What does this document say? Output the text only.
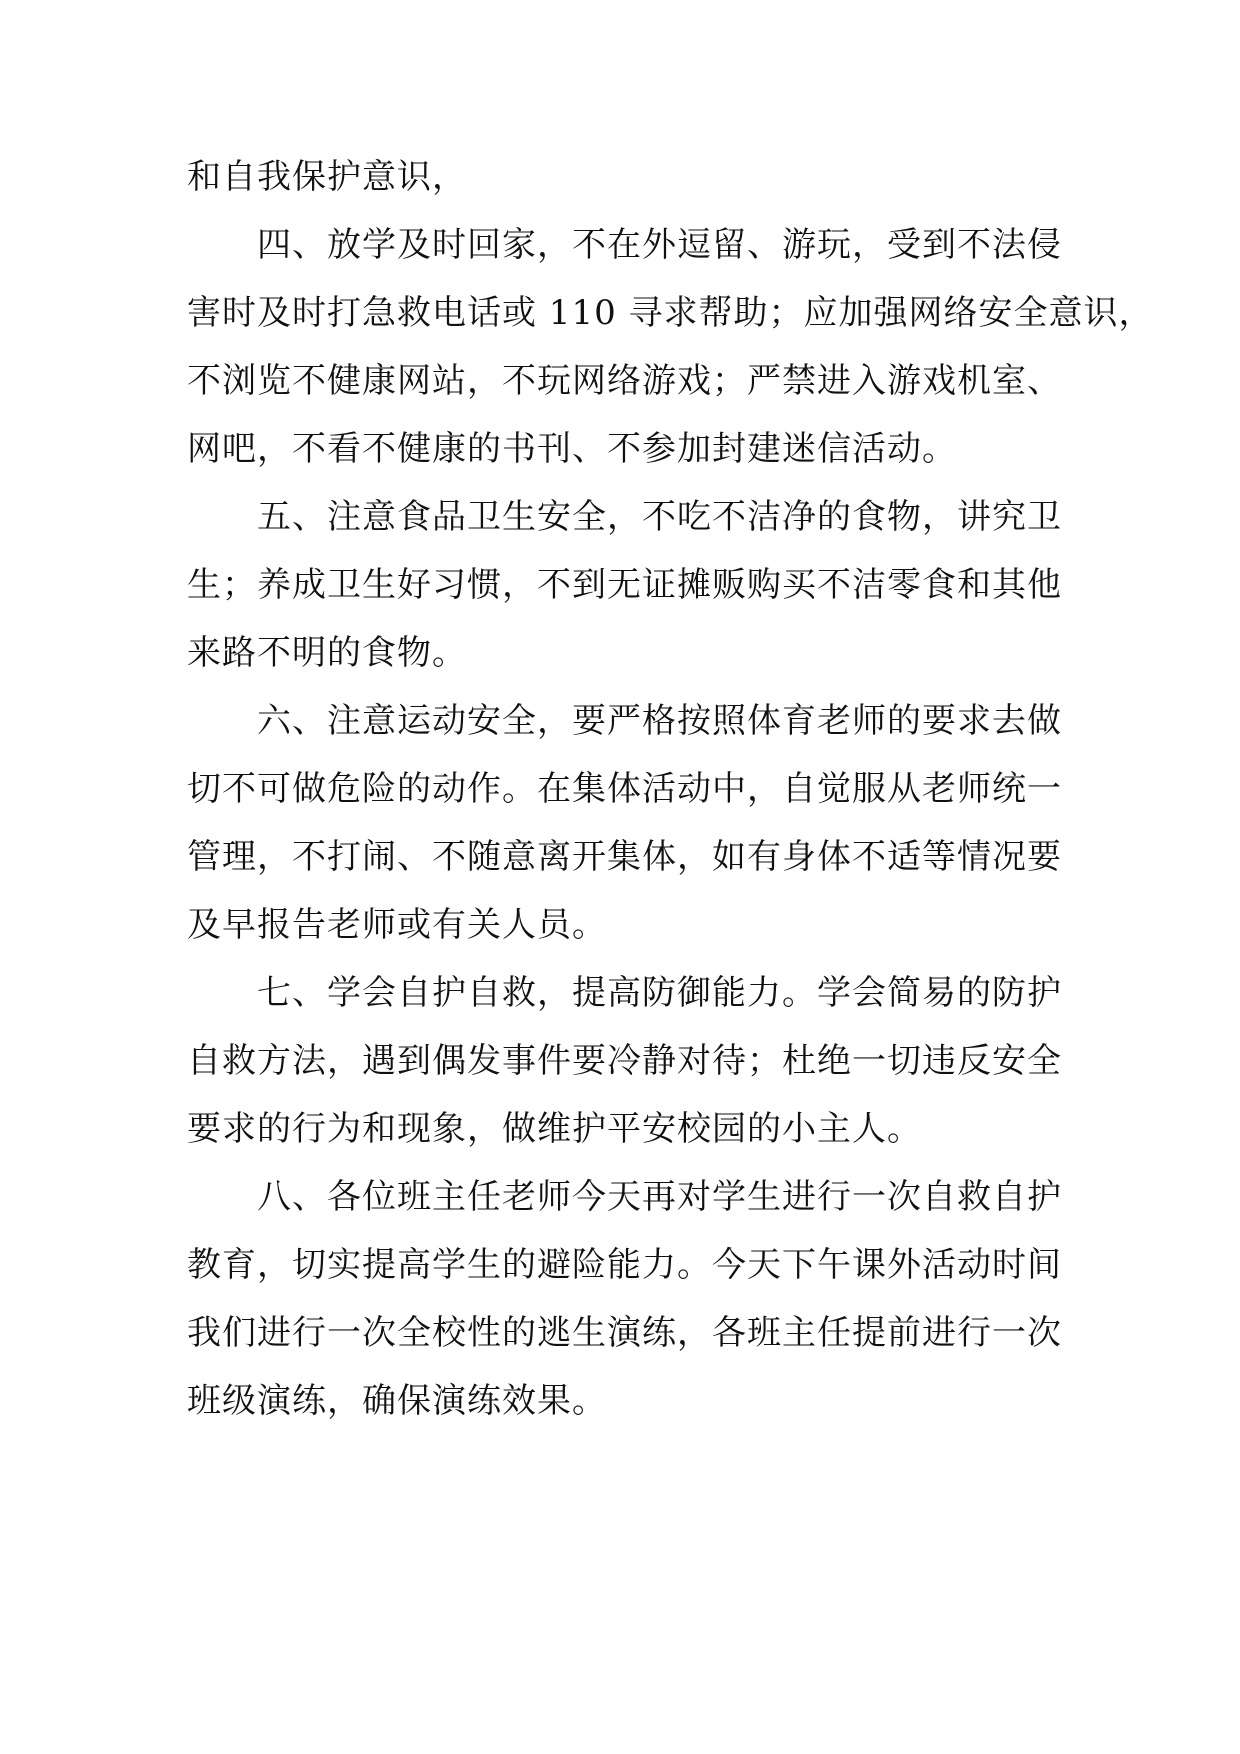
和自我保护意识，
四、放学及时回家，不在外逗留、游玩，受到不法侵
害时及时打急救电话或 110 寻求帮助；应加强网络安全意识，
不浏览不健康网站，不玩网络游戏；严禁进入游戏机室、
网吧，不看不健康的书刊、不参加封建迷信活动。
五、注意食品卫生安全，不吃不洁净的食物，讲究卫
生；养成卫生好习惯，不到无证摊贩购买不洁零食和其他
来路不明的食物。
六、注意运动安全，要严格按照体育老师的要求去做
切不可做危险的动作。在集体活动中，自觉服从老师统一
管理，不打闹、不随意离开集体，如有身体不适等情况要
及早报告老师或有关人员。
七、学会自护自救，提高防御能力。学会简易的防护
自救方法，遇到偶发事件要冷静对待；杜绝一切违反安全
要求的行为和现象，做维护平安校园的小主人。
八、各位班主任老师今天再对学生进行一次自救自护
教育，切实提高学生的避险能力。今天下午课外活动时间
我们进行一次全校性的逃生演练，各班主任提前进行一次
班级演练，确保演练效果。
